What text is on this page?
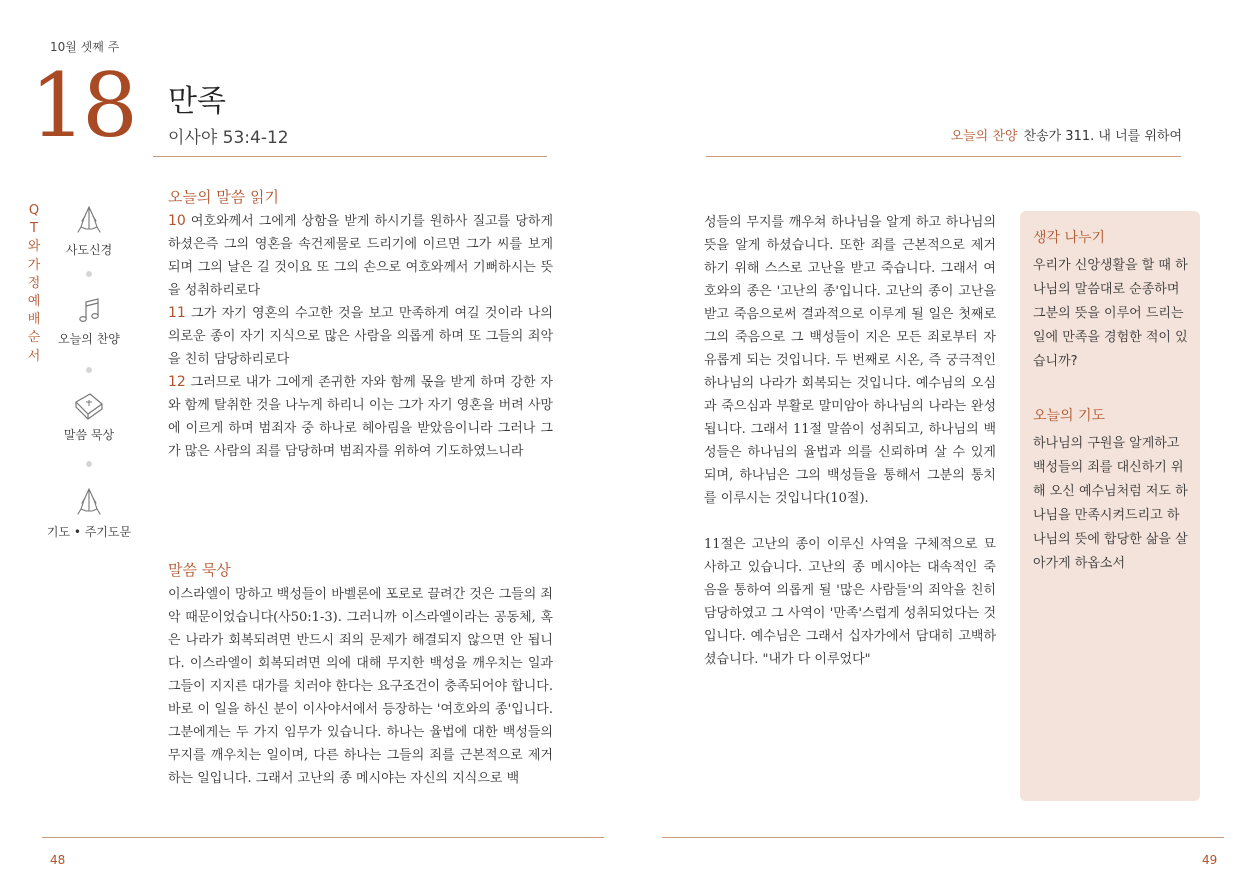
10월 셋째 주
18 만족
이사야 53:4-12	오늘의 찬양 찬송가 311. 내 너를 위하여
QT와 가정예배 순서
사도신경
오늘의 찬양
말씀 묵상
기도 • 주기도문
오늘의 말씀 읽기

10 여호와께서 그에게 상함을 받게 하시기를 원하사 질고를 당하게 하셨은즉 그의 영혼을 속건제물로 드리기에 이르면 그가 씨를 보게 되며 그의 날은 길 것이요 또 그의 손으로 여호와께서 기뻐하시는 뜻을 성취하리로다

11 그가 자기 영혼의 수고한 것을 보고 만족하게 여길 것이라 나의 의로운 종이 자기 지식으로 많은 사람을 의롭게 하며 또 그들의 죄악을 친히 담당하리로다

12 그러므로 내가 그에게 존귀한 자와 함께 몫을 받게 하며 강한 자와 함께 탈취한 것을 나누게 하리니 이는 그가 자기 영혼을 버려 사망에 이르게 하며 범죄자 중 하나로 헤아림을 받았음이니라 그러나 그가 많은 사람의 죄를 담당하며 범죄자를 위하여 기도하였느니라

말씀 묵상

이스라엘이 망하고 백성들이 바벨론에 포로로 끌려간 것은 그들의 죄악 때문이었습니다(사50:1-3). 그러니까 이스라엘이라는 공동체, 혹은 나라가 회복되려면 반드시 죄의 문제가 해결되지 않으면 안 됩니다. 이스라엘이 회복되려면 의에 대해 무지한 백성을 깨우치는 일과 그들이 지지른 대가를 치러야 한다는 요구조건이 충족되어야 합니다. 바로 이 일을 하신 분이 이사야서에서 등장하는 '여호와의 종'입니다. 그분에게는 두 가지 임무가 있습니다. 하나는 율법에 대한 백성들의 무지를 깨우치는 일이며, 다른 하나는 그들의 죄를 근본적으로 제거하는 일입니다. 그래서 고난의 종 메시야는 자신의 지식으로 백

성들의 무지를 깨우쳐 하나님을 알게 하고 하나님의 뜻을 알게 하셨습니다. 또한 죄를 근본적으로 제거하기 위해 스스로 고난을 받고 죽습니다. 그래서 여호와의 종은 '고난의 종'입니다. 고난의 종이 고난을 받고 죽음으로써 결과적으로 이루게 될 일은 첫째로 그의 죽음으로 그 백성들이 지은 모든 죄로부터 자유롭게 되는 것입니다. 두 번째로 시온, 즉 궁극적인 하나님의 나라가 회복되는 것입니다. 예수님의 오심과 죽으심과 부활로 말미암아 하나님의 나라는 완성됩니다. 그래서 11절 말씀이 성취되고, 하나님의 백성들은 하나님의 율법과 의를 신뢰하며 살 수 있게 되며, 하나님은 그의 백성들을 통해서 그분의 통치를 이루시는 것입니다(10절).

11절은 고난의 종이 이루신 사역을 구체적으로 묘사하고 있습니다. 고난의 종 메시야는 대속적인 죽음을 통하여 의롭게 될 '많은 사람들'의 죄악을 친히 담당하였고 그 사역이 '만족'스럽게 성취되었다는 것입니다. 예수님은 그래서 십자가에서 담대히 고백하셨습니다. "내가 다 이루었다"

생각 나누기
우리가 신앙생활을 할 때 하나님의 말씀대로 순종하며 그분의 뜻을 이루어 드리는 일에 만족을 경험한 적이 있습니까?
오늘의 기도
하나님의 구원을 알게하고 백성들의 죄를 대신하기 위해 오신 예수님처럼 저도 하나님을 만족시켜드리고 하나님의 뜻에 합당한 삶을 살아가게 하옵소서
48	49
